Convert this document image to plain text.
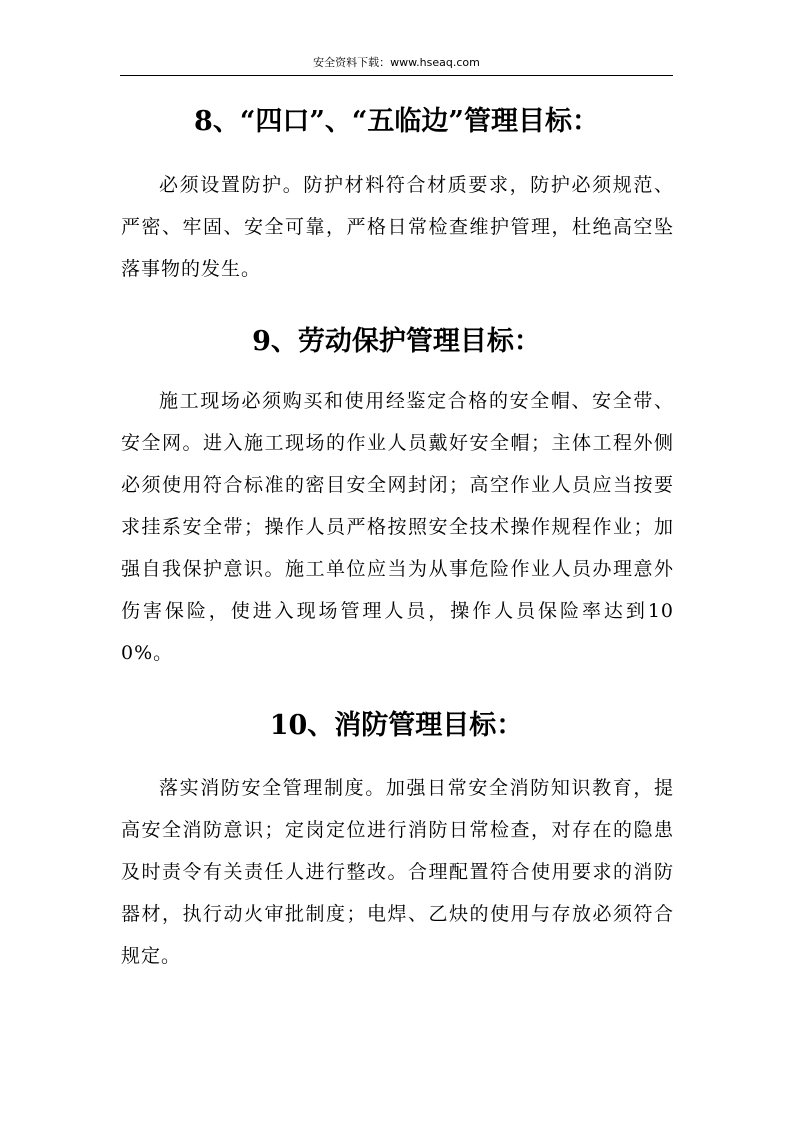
安全资料下载：www.hseaq.com
8、“四口”、“五临边”管理目标：

必须设置防护。防护材料符合材质要求，防护必须规范、严密、牢固、安全可靠，严格日常检查维护管理，杜绝高空坠落事物的发生。

9、劳动保护管理目标：

施工现场必须购买和使用经鉴定合格的安全帽、安全带、安全网。进入施工现场的作业人员戴好安全帽；主体工程外侧必须使用符合标准的密目安全网封闭；高空作业人员应当按要求挂系安全带；操作人员严格按照安全技术操作规程作业；加强自我保护意识。施工单位应当为从事危险作业人员办理意外伤害保险，使进入现场管理人员，操作人员保险率达到100%。

10、消防管理目标：

落实消防安全管理制度。加强日常安全消防知识教育，提高安全消防意识；定岗定位进行消防日常检查，对存在的隐患及时责令有关责任人进行整改。合理配置符合使用要求的消防器材，执行动火审批制度；电焊、乙炔的使用与存放必须符合规定。
